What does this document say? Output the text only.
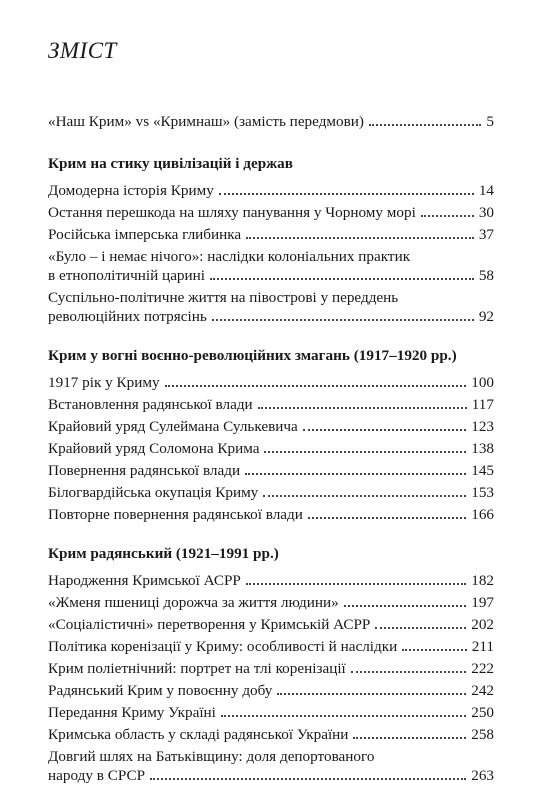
ЗМІСТ
«Наш Крим» vs «Кримнаш» (замість передмови)	5
Крим на стику цивілізацій і держав
Домодерна історія Криму	14
Остання перешкода на шляху панування у Чорному морі	30
Російська імперська глибинка	37
«Було – і немає нічого»: наслідки колоніальних практик
в етнополітичній царині	58
Суспільно-політичне життя на півострові у переддень
революційних потрясінь	92
Крим у вогні воєнно-революційних змагань (1917–1920 рр.)
1917 рік у Криму	100
Встановлення радянської влади	117
Крайовий уряд Сулеймана Сулькевича	123
Крайовий уряд Соломона Крима	138
Повернення радянської влади	145
Білогвардійська окупація Криму	153
Повторне повернення радянської влади	166
Крим радянський (1921–1991 рр.)
Народження Кримської АСРР	182
«Жменя пшениці дорожча за життя людини»	197
«Соціалістичні» перетворення у Кримській АСРР	202
Політика коренізації у Криму: особливості й наслідки	211
Крим поліетнічний: портрет на тлі коренізації	222
Радянський Крим у повоєнну добу	242
Передання Криму Україні	250
Кримська область у складі радянської України	258
Довгий шлях на Батьківщину: доля депортованого
народу в СРСР	263
